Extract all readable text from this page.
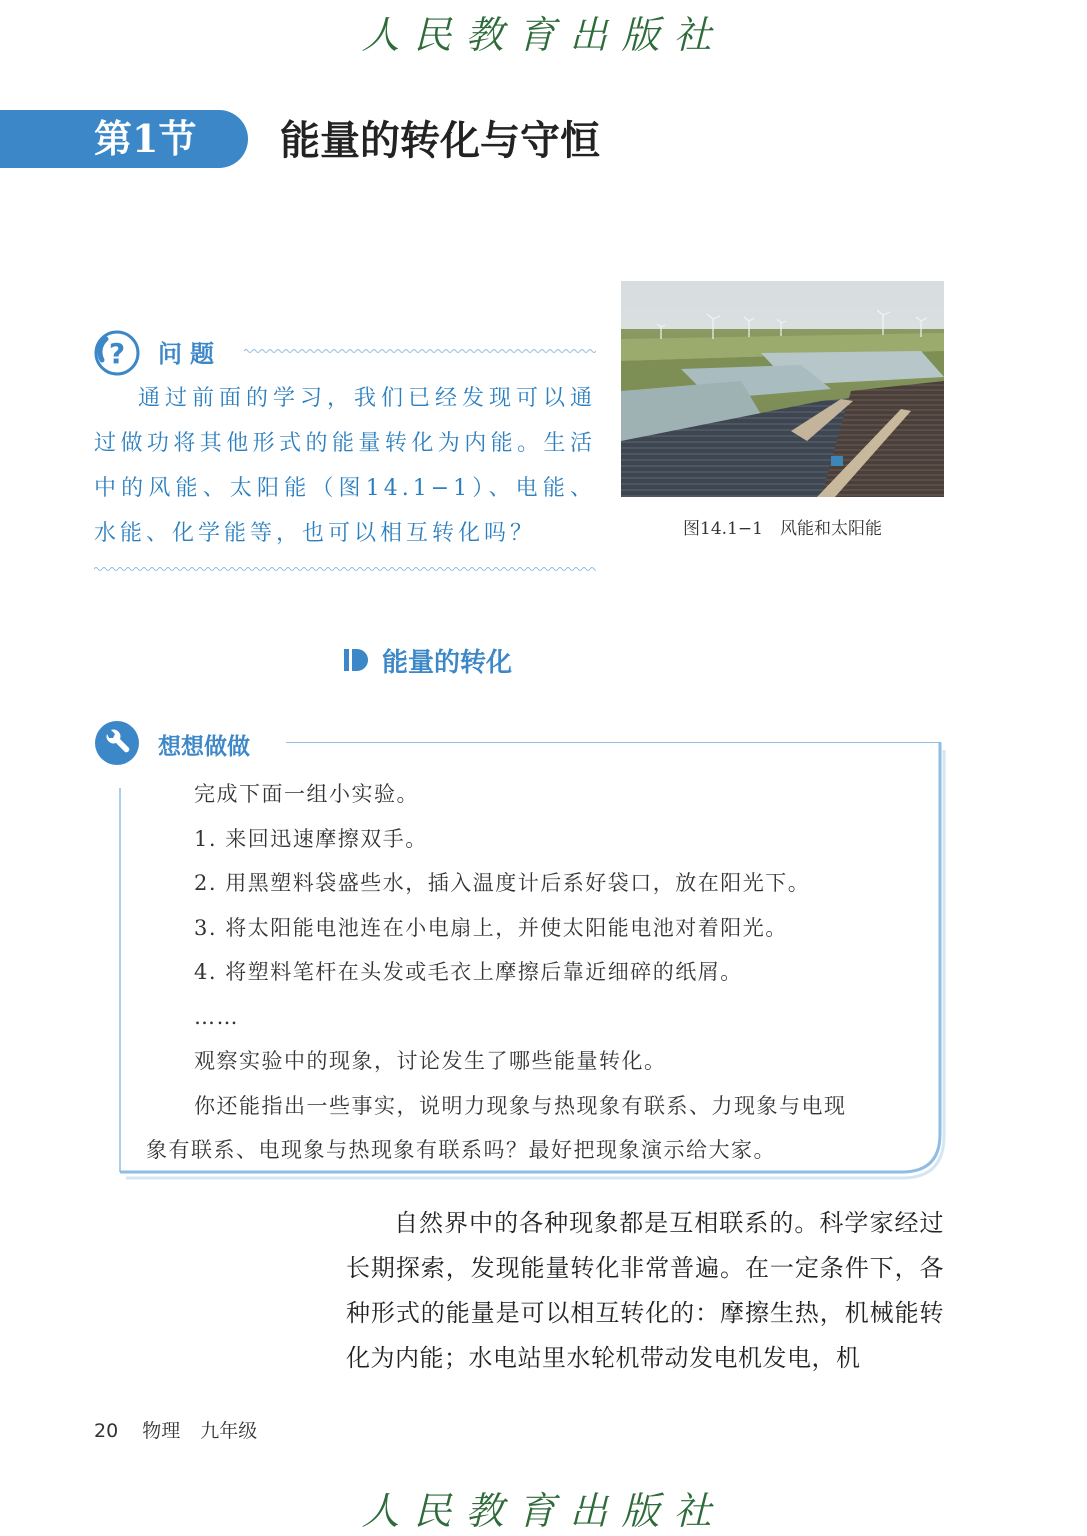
人民教育出版社
第1节	能量的转化与守恒
? 问题
通过前面的学习，我们已经发现可以通过做功将其他形式的能量转化为内能。生活中的风能、太阳能（图14.1−1）、电能、水能、化学能等，也可以相互转化吗？	图14.1−1　风能和太阳能
能量的转化
想想做做
完成下面一组小实验。
1. 来回迅速摩擦双手。
2. 用黑塑料袋盛些水，插入温度计后系好袋口，放在阳光下。
3. 将太阳能电池连在小电扇上，并使太阳能电池对着阳光。
4. 将塑料笔杆在头发或毛衣上摩擦后靠近细碎的纸屑。
……
观察实验中的现象，讨论发生了哪些能量转化。
你还能指出一些事实，说明力现象与热现象有联系、力现象与电现
象有联系、电现象与热现象有联系吗？最好把现象演示给大家。
自然界中的各种现象都是互相联系的。科学家经过长期探索，发现能量转化非常普遍。在一定条件下，各种形式的能量是可以相互转化的：摩擦生热，机械能转化为内能；水电站里水轮机带动发电机发电，机
20 物理 九年级
人民教育出版社
